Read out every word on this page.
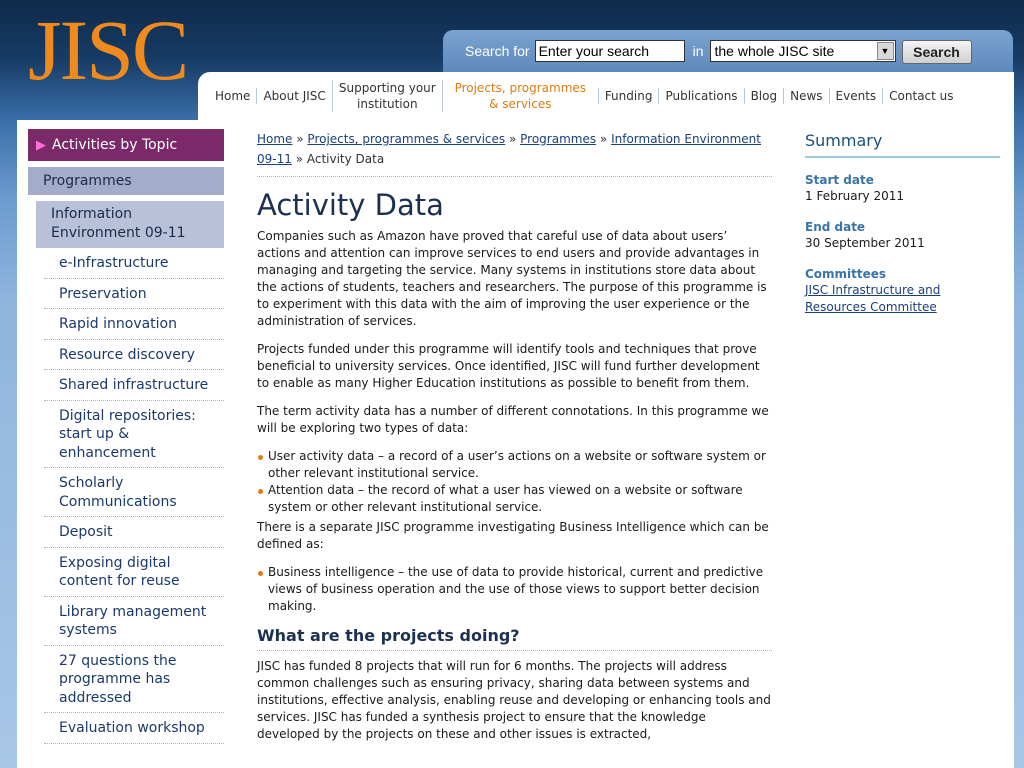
JISC	Search for
Enter your search	in the whole JISC site	▼	Search
Home	About JISC
Supporting your institution
Projects, programmes & services
Funding	Publications	Blog	News	Events	Contact us
▶ Activities by Topic
Programmes
Information Environment 09-11
e-Infrastructure
Preservation
Rapid innovation
Resource discovery
Shared infrastructure
Digital repositories: start up & enhancement
Scholarly Communications
Deposit
Exposing digital content for reuse
Library management systems
27 questions the programme has addressed
Evaluation workshop
Home » Projects, programmes & services » Programmes » Information Environment 09-11 » Activity Data
Activity Data

Companies such as Amazon have proved that careful use of data about users’ actions and attention can improve services to end users and provide advantages in managing and targeting the service. Many systems in institutions store data about the actions of students, teachers and researchers. The purpose of this programme is to experiment with this data with the aim of improving the user experience or the administration of services.

Projects funded under this programme will identify tools and techniques that prove beneficial to university services. Once identified, JISC will fund further development to enable as many Higher Education institutions as possible to benefit from them.

The term activity data has a number of different connotations. In this programme we will be exploring two types of data:

User activity data – a record of a user’s actions on a website or software system or other relevant institutional service.
Attention data – the record of what a user has viewed on a website or software system or other relevant institutional service.

There is a separate JISC programme investigating Business Intelligence which can be defined as:

Business intelligence – the use of data to provide historical, current and predictive views of business operation and the use of those views to support better decision making.
What are the projects doing?

JISC has funded 8 projects that will run for 6 months. The projects will address common challenges such as ensuring privacy, sharing data between systems and institutions, effective analysis, enabling reuse and developing or enhancing tools and services. JISC has funded a synthesis project to ensure that the knowledge developed by the projects on these and other issues is extracted,

Summary
Start date
1 February 2011
End date
30 September 2011
Committees
JISC Infrastructure and Resources Committee
